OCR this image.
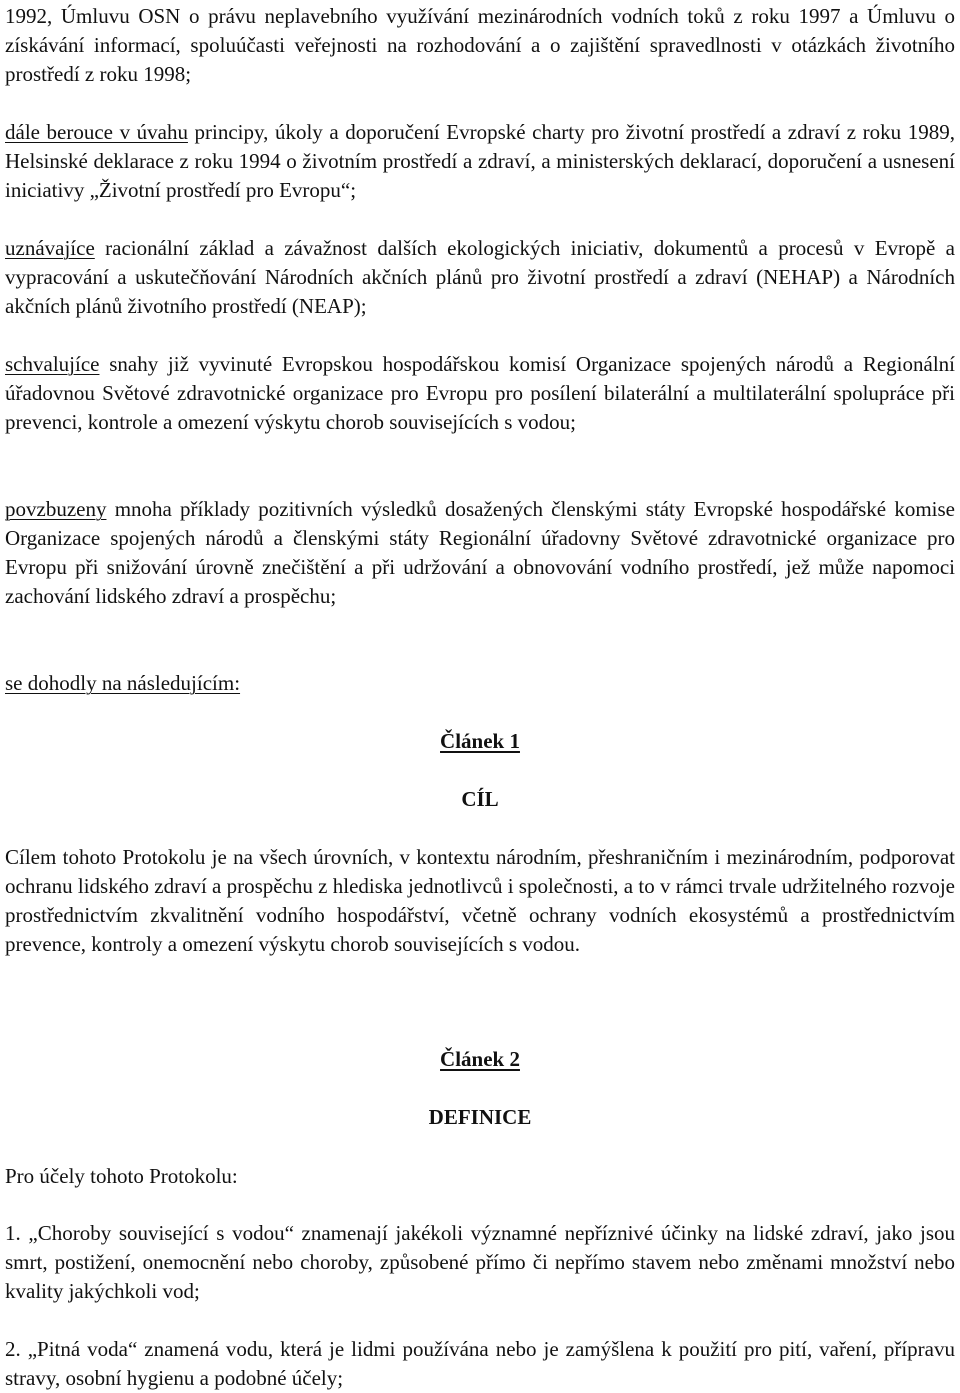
1992, Úmluvu OSN o právu neplavebního využívání mezinárodních vodních toků z roku 1997 a Úmluvu o získávání informací, spoluúčasti veřejnosti na rozhodování a o zajištění spravedlnosti v otázkách životního prostředí z roku 1998;

dále berouce v úvahu principy, úkoly a doporučení Evropské charty pro životní prostředí a zdraví z roku 1989, Helsinské deklarace z roku 1994 o životním prostředí a zdraví, a ministerských deklarací, doporučení a usnesení iniciativy „Životní prostředí pro Evropu“;

uznávajíce racionální základ a závažnost dalších ekologických iniciativ, dokumentů a procesů v Evropě a vypracování a uskutečňování Národních akčních plánů pro životní prostředí a zdraví (NEHAP) a Národních akčních plánů životního prostředí (NEAP);

schvalujíce snahy již vyvinuté Evropskou hospodářskou komisí Organizace spojených národů a Regionální úřadovnou Světové zdravotnické organizace pro Evropu pro posílení bilaterální a multilaterální spolupráce při prevenci, kontrole a omezení výskytu chorob souvisejících s vodou;

povzbuzeny mnoha příklady pozitivních výsledků dosažených členskými státy Evropské hospodářské komise Organizace spojených národů a členskými státy Regionální úřadovny Světové zdravotnické organizace pro Evropu při snižování úrovně znečištění a při udržování a obnovování vodního prostředí, jež může napomoci zachování lidského zdraví a prospěchu;

se dohodly na následujícím:

Článek 1

CÍL

Cílem tohoto Protokolu je na všech úrovních, v kontextu národním, přeshraničním i mezinárodním, podporovat ochranu lidského zdraví a prospěchu z hlediska jednotlivců i společnosti, a to v rámci trvale udržitelného rozvoje prostřednictvím zkvalitnění vodního hospodářství, včetně ochrany vodních ekosystémů a prostřednictvím prevence, kontroly a omezení výskytu chorob souvisejících s vodou.

Článek 2

DEFINICE

Pro účely tohoto Protokolu:

1. „Choroby související s vodou“ znamenají jakékoli významné nepříznivé účinky na lidské zdraví, jako jsou smrt, postižení, onemocnění nebo choroby, způsobené přímo či nepřímo stavem nebo změnami množství nebo kvality jakýchkoli vod;

2. „Pitná voda“ znamená vodu, která je lidmi používána nebo je zamýšlena k použití pro pití, vaření, přípravu stravy, osobní hygienu a podobné účely;
